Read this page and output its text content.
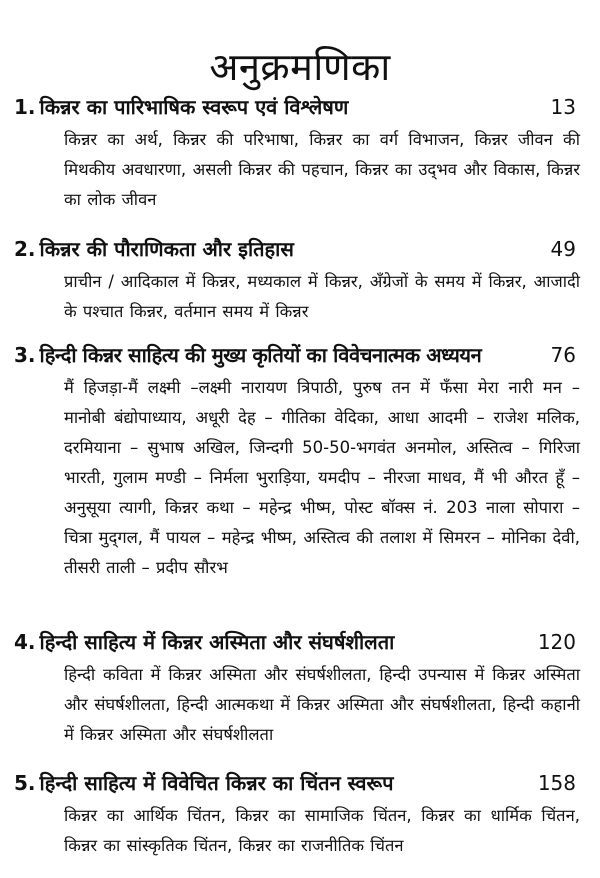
अनुक्रमणिका
1. किन्नर का पारिभाषिक स्वरूप एवं विश्लेषण	13
किन्नर का अर्थ, किन्नर की परिभाषा, किन्नर का वर्ग विभाजन, किन्नर जीवन की मिथकीय अवधारणा, असली किन्नर की पहचान, किन्नर का उद्‌भव और विकास, किन्नर का लोक जीवन
2. किन्नर की पौराणिकता और इतिहास	49
प्राचीन / आदिकाल में किन्नर, मध्यकाल में किन्नर, अँग्रेजों के समय में किन्नर, आजादी के पश्चात किन्नर, वर्तमान समय में किन्नर
3. हिन्दी किन्नर साहित्य की मुख्य कृतियों का विवेचनात्मक अध्ययन	76
मैं हिजड़ा-मैं लक्ष्मी –लक्ष्मी नारायण त्रिपाठी, पुरुष तन में फँसा मेरा नारी मन – मानोबी बंद्योपाध्याय, अधूरी देह – गीतिका वेदिका, आधा आदमी – राजेश मलिक, दरमियाना – सुभाष अखिल, जिन्दगी 50-50-भगवंत अनमोल, अस्तित्व – गिरिजा भारती, गुलाम मण्डी – निर्मला भुराड़िया, यमदीप – नीरजा माधव, मैं भी औरत हूँ – अनुसूया त्यागी, किन्नर कथा – महेन्द्र भीष्म, पोस्ट बॉक्स नं. 203 नाला सोपारा – चित्रा मुद्‌गल, मैं पायल – महेन्द्र भीष्म, अस्तित्व की तलाश में सिमरन – मोनिका देवी, तीसरी ताली – प्रदीप सौरभ
4. हिन्दी साहित्य में किन्नर अस्मिता और संघर्षशीलता	120
हिन्दी कविता में किन्नर अस्मिता और संघर्षशीलता, हिन्दी उपन्यास में किन्नर अस्मिता और संघर्षशीलता, हिन्दी आत्मकथा में किन्नर अस्मिता और संघर्षशीलता, हिन्दी कहानी में किन्नर अस्मिता और संघर्षशीलता
5. हिन्दी साहित्य में विवेचित किन्नर का चिंतन स्वरूप	158
किन्नर का आर्थिक चिंतन, किन्नर का सामाजिक चिंतन, किन्नर का धार्मिक चिंतन, किन्नर का सांस्कृतिक चिंतन, किन्नर का राजनीतिक चिंतन
